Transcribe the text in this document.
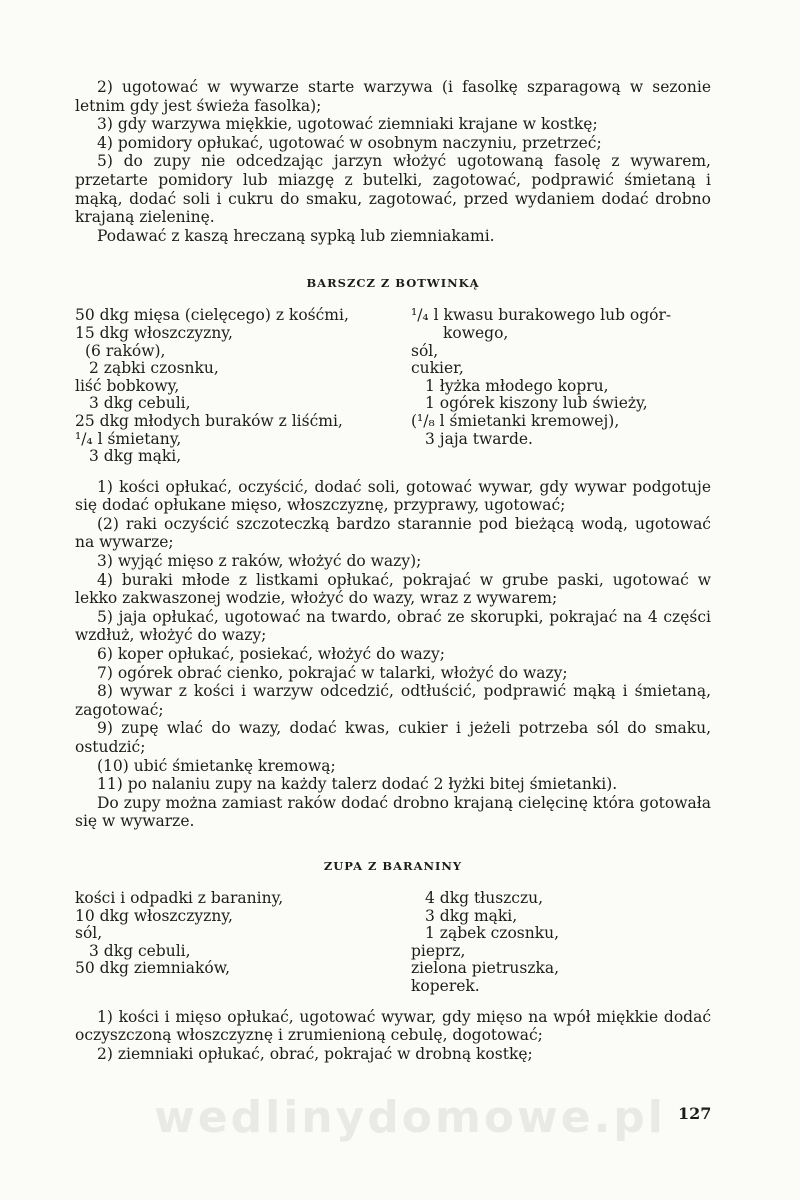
wedlinydomowe.pl

2) ugotować w wywarze starte warzywa (i fasolkę szparagową w sezonie letnim gdy jest świeża fasolka);

3) gdy warzywa miękkie, ugotować ziemniaki krajane w kostkę;

4) pomidory opłukać, ugotować w osobnym naczyniu, przetrzeć;

5) do zupy nie odcedzając jarzyn włożyć ugotowaną fasolę z wywarem, przetarte pomidory lub miazgę z butelki, zagotować, podprawić śmietaną i mąką, dodać soli i cukru do smaku, zagotować, przed wydaniem dodać drobno krajaną zieleninę.

Podawać z kaszą hreczaną sypką lub ziemniakami.

BARSZCZ Z BOTWINKĄ
50 dkg mięsa (cielęcego) z kośćmi,
15 dkg włoszczyzny,
(6 raków),
2 ząbki czosnku,
liść bobkowy,
3 dkg cebuli,
25 dkg młodych buraków z liśćmi,
¹/₄ l śmietany,
3 dkg mąki,
¹/₄ l kwasu burakowego lub ogór-
kowego,
sól,
cukier,
1 łyżka młodego kopru,
1 ogórek kiszony lub świeży,
(¹/₈ l śmietanki kremowej),
3 jaja twarde.

1) kości opłukać, oczyścić, dodać soli, gotować wywar, gdy wywar podgotuje się dodać opłukane mięso, włoszczyznę, przyprawy, ugotować;

(2) raki oczyścić szczoteczką bardzo starannie pod bieżącą wodą, ugotować na wywarze;

3) wyjąć mięso z raków, włożyć do wazy);

4) buraki młode z listkami opłukać, pokrajać w grube paski, ugotować w lekko zakwaszonej wodzie, włożyć do wazy, wraz z wywarem;

5) jaja opłukać, ugotować na twardo, obrać ze skorupki, pokrajać na 4 części wzdłuż, włożyć do wazy;

6) koper opłukać, posiekać, włożyć do wazy;

7) ogórek obrać cienko, pokrajać w talarki, włożyć do wazy;

8) wywar z kości i warzyw odcedzić, odtłuścić, podprawić mąką i śmietaną, zagotować;

9) zupę wlać do wazy, dodać kwas, cukier i jeżeli potrzeba sól do smaku, ostudzić;

(10) ubić śmietankę kremową;

11) po nalaniu zupy na każdy talerz dodać 2 łyżki bitej śmietanki).

Do zupy można zamiast raków dodać drobno krajaną cielęcinę która gotowała się w wywarze.

ZUPA Z BARANINY
kości i odpadki z baraniny,
10 dkg włoszczyzny,
sól,
3 dkg cebuli,
50 dkg ziemniaków,
4 dkg tłuszczu,
3 dkg mąki,
1 ząbek czosnku,
pieprz,
zielona pietruszka,
koperek.

1) kości i mięso opłukać, ugotować wywar, gdy mięso na wpół miękkie dodać oczyszczoną włoszczyznę i zrumienioną cebulę, dogotować;

2) ziemniaki opłukać, obrać, pokrajać w drobną kostkę;

127
